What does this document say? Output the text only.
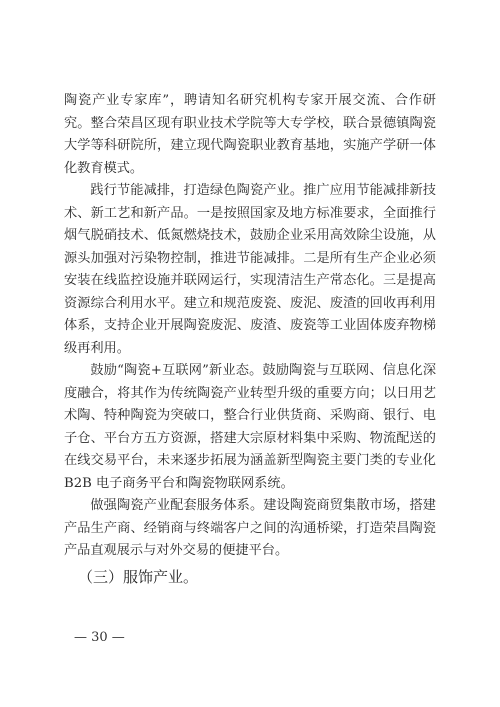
陶瓷产业专家库”，聘请知名研究机构专家开展交流、合作研究。整合荣昌区现有职业技术学院等大专学校，联合景德镇陶瓷大学等科研院所，建立现代陶瓷职业教育基地，实施产学研一体化教育模式。

践行节能减排，打造绿色陶瓷产业。推广应用节能减排新技术、新工艺和新产品。一是按照国家及地方标准要求，全面推行烟气脱硝技术、低氮燃烧技术，鼓励企业采用高效除尘设施，从源头加强对污染物控制，推进节能减排。二是所有生产企业必须安装在线监控设施并联网运行，实现清洁生产常态化。三是提高资源综合利用水平。建立和规范废瓷、废泥、废渣的回收再利用体系，支持企业开展陶瓷废泥、废渣、废瓷等工业固体废弃物梯级再利用。

鼓励“陶瓷+互联网”新业态。鼓励陶瓷与互联网、信息化深度融合，将其作为传统陶瓷产业转型升级的重要方向；以日用艺术陶、特种陶瓷为突破口，整合行业供货商、采购商、银行、电子仓、平台方五方资源，搭建大宗原材料集中采购、物流配送的在线交易平台，未来逐步拓展为涵盖新型陶瓷主要门类的专业化 B2B 电子商务平台和陶瓷物联网系统。

做强陶瓷产业配套服务体系。建设陶瓷商贸集散市场，搭建产品生产商、经销商与终端客户之间的沟通桥梁，打造荣昌陶瓷产品直观展示与对外交易的便捷平台。

（三）服饰产业。

— 30 —
